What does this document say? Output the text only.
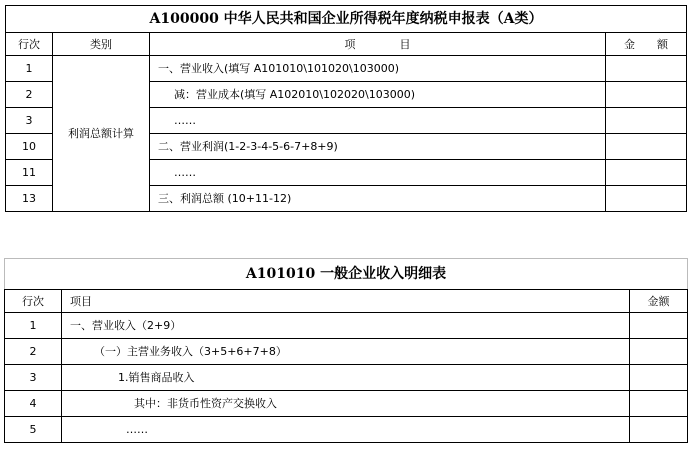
A100000 中华人民共和国企业所得税年度纳税申报表（A类）			
行次	类别	项　　　　目	金　　额
1	利润总额计算	一、营业收入(填写 A101010\101020\103000)	
2		减：营业成本(填写 A102010\102020\103000)	
3		……	
10		二、营业利润(1-2-3-4-5-6-7+8+9)	
11		……	
13		三、利润总额 (10+11-12)	
A101010 一般企业收入明细表		
行次	项目	金额
1	一、营业收入（2+9）	
2	（一）主营业务收入（3+5+6+7+8）	
3	1.销售商品收入	
4	其中：非货币性资产交换收入	
5	……	
